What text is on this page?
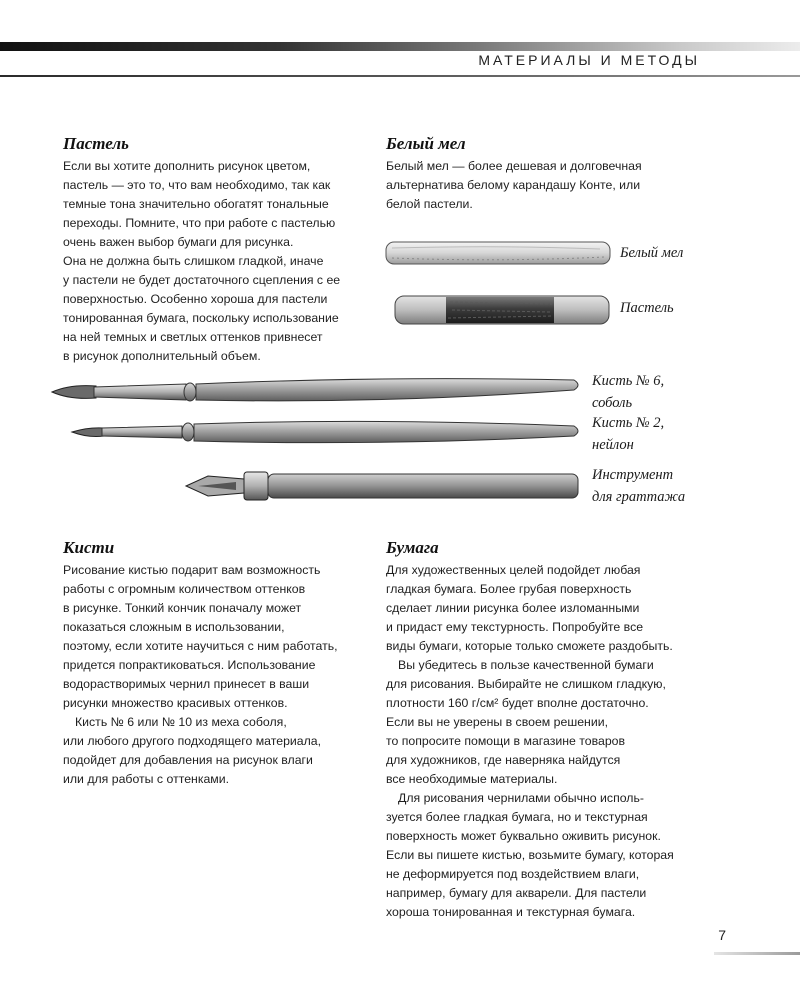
МАТЕРИАЛЫ И МЕТОДЫ
Пастель

Если вы хотите дополнить рисунок цветом,
пастель — это то, что вам необходимо, так как
темные тона значительно обогатят тональные
переходы. Помните, что при работе с пастелью
очень важен выбор бумаги для рисунка.
Она не должна быть слишком гладкой, иначе
у пастели не будет достаточного сцепления с ее
поверхностью. Особенно хороша для пастели
тонированная бумага, поскольку использование
на ней темных и светлых оттенков привнесет
в рисунок дополнительный объем.

Белый мел

Белый мел — более дешевая и долговечная
альтернатива белому карандашу Конте, или
белой пастели.

Белый мел
Пастель
Кисть № 6,
соболь
Кисть № 2,
нейлон
Инструмент
для граттажа
Кисти

Рисование кистью подарит вам возможность
работы с огромным количеством оттенков
в рисунке. Тонкий кончик поначалу может
показаться сложным в использовании,
поэтому, если хотите научиться с ним работать,
придется попрактиковаться. Использование
водорастворимых чернил принесет в ваши
рисунки множество красивых оттенков.

Кисть № 6 или № 10 из меха соболя,
или любого другого подходящего материала,
подойдет для добавления на рисунок влаги
или для работы с оттенками.

Бумага

Для художественных целей подойдет любая
гладкая бумага. Более грубая поверхность
сделает линии рисунка более изломанными
и придаст ему текстурность. Попробуйте все
виды бумаги, которые только сможете раздобыть.

Вы убедитесь в пользе качественной бумаги
для рисования. Выбирайте не слишком гладкую,
плотности 160 г/см² будет вполне достаточно.
Если вы не уверены в своем решении,
то попросите помощи в магазине товаров
для художников, где наверняка найдутся
все необходимые материалы.

Для рисования чернилами обычно исполь-
зуется более гладкая бумага, но и текстурная
поверхность может буквально оживить рисунок.
Если вы пишете кистью, возьмите бумагу, которая
не деформируется под воздействием влаги,
например, бумагу для акварели. Для пастели
хороша тонированная и текстурная бумага.

7
